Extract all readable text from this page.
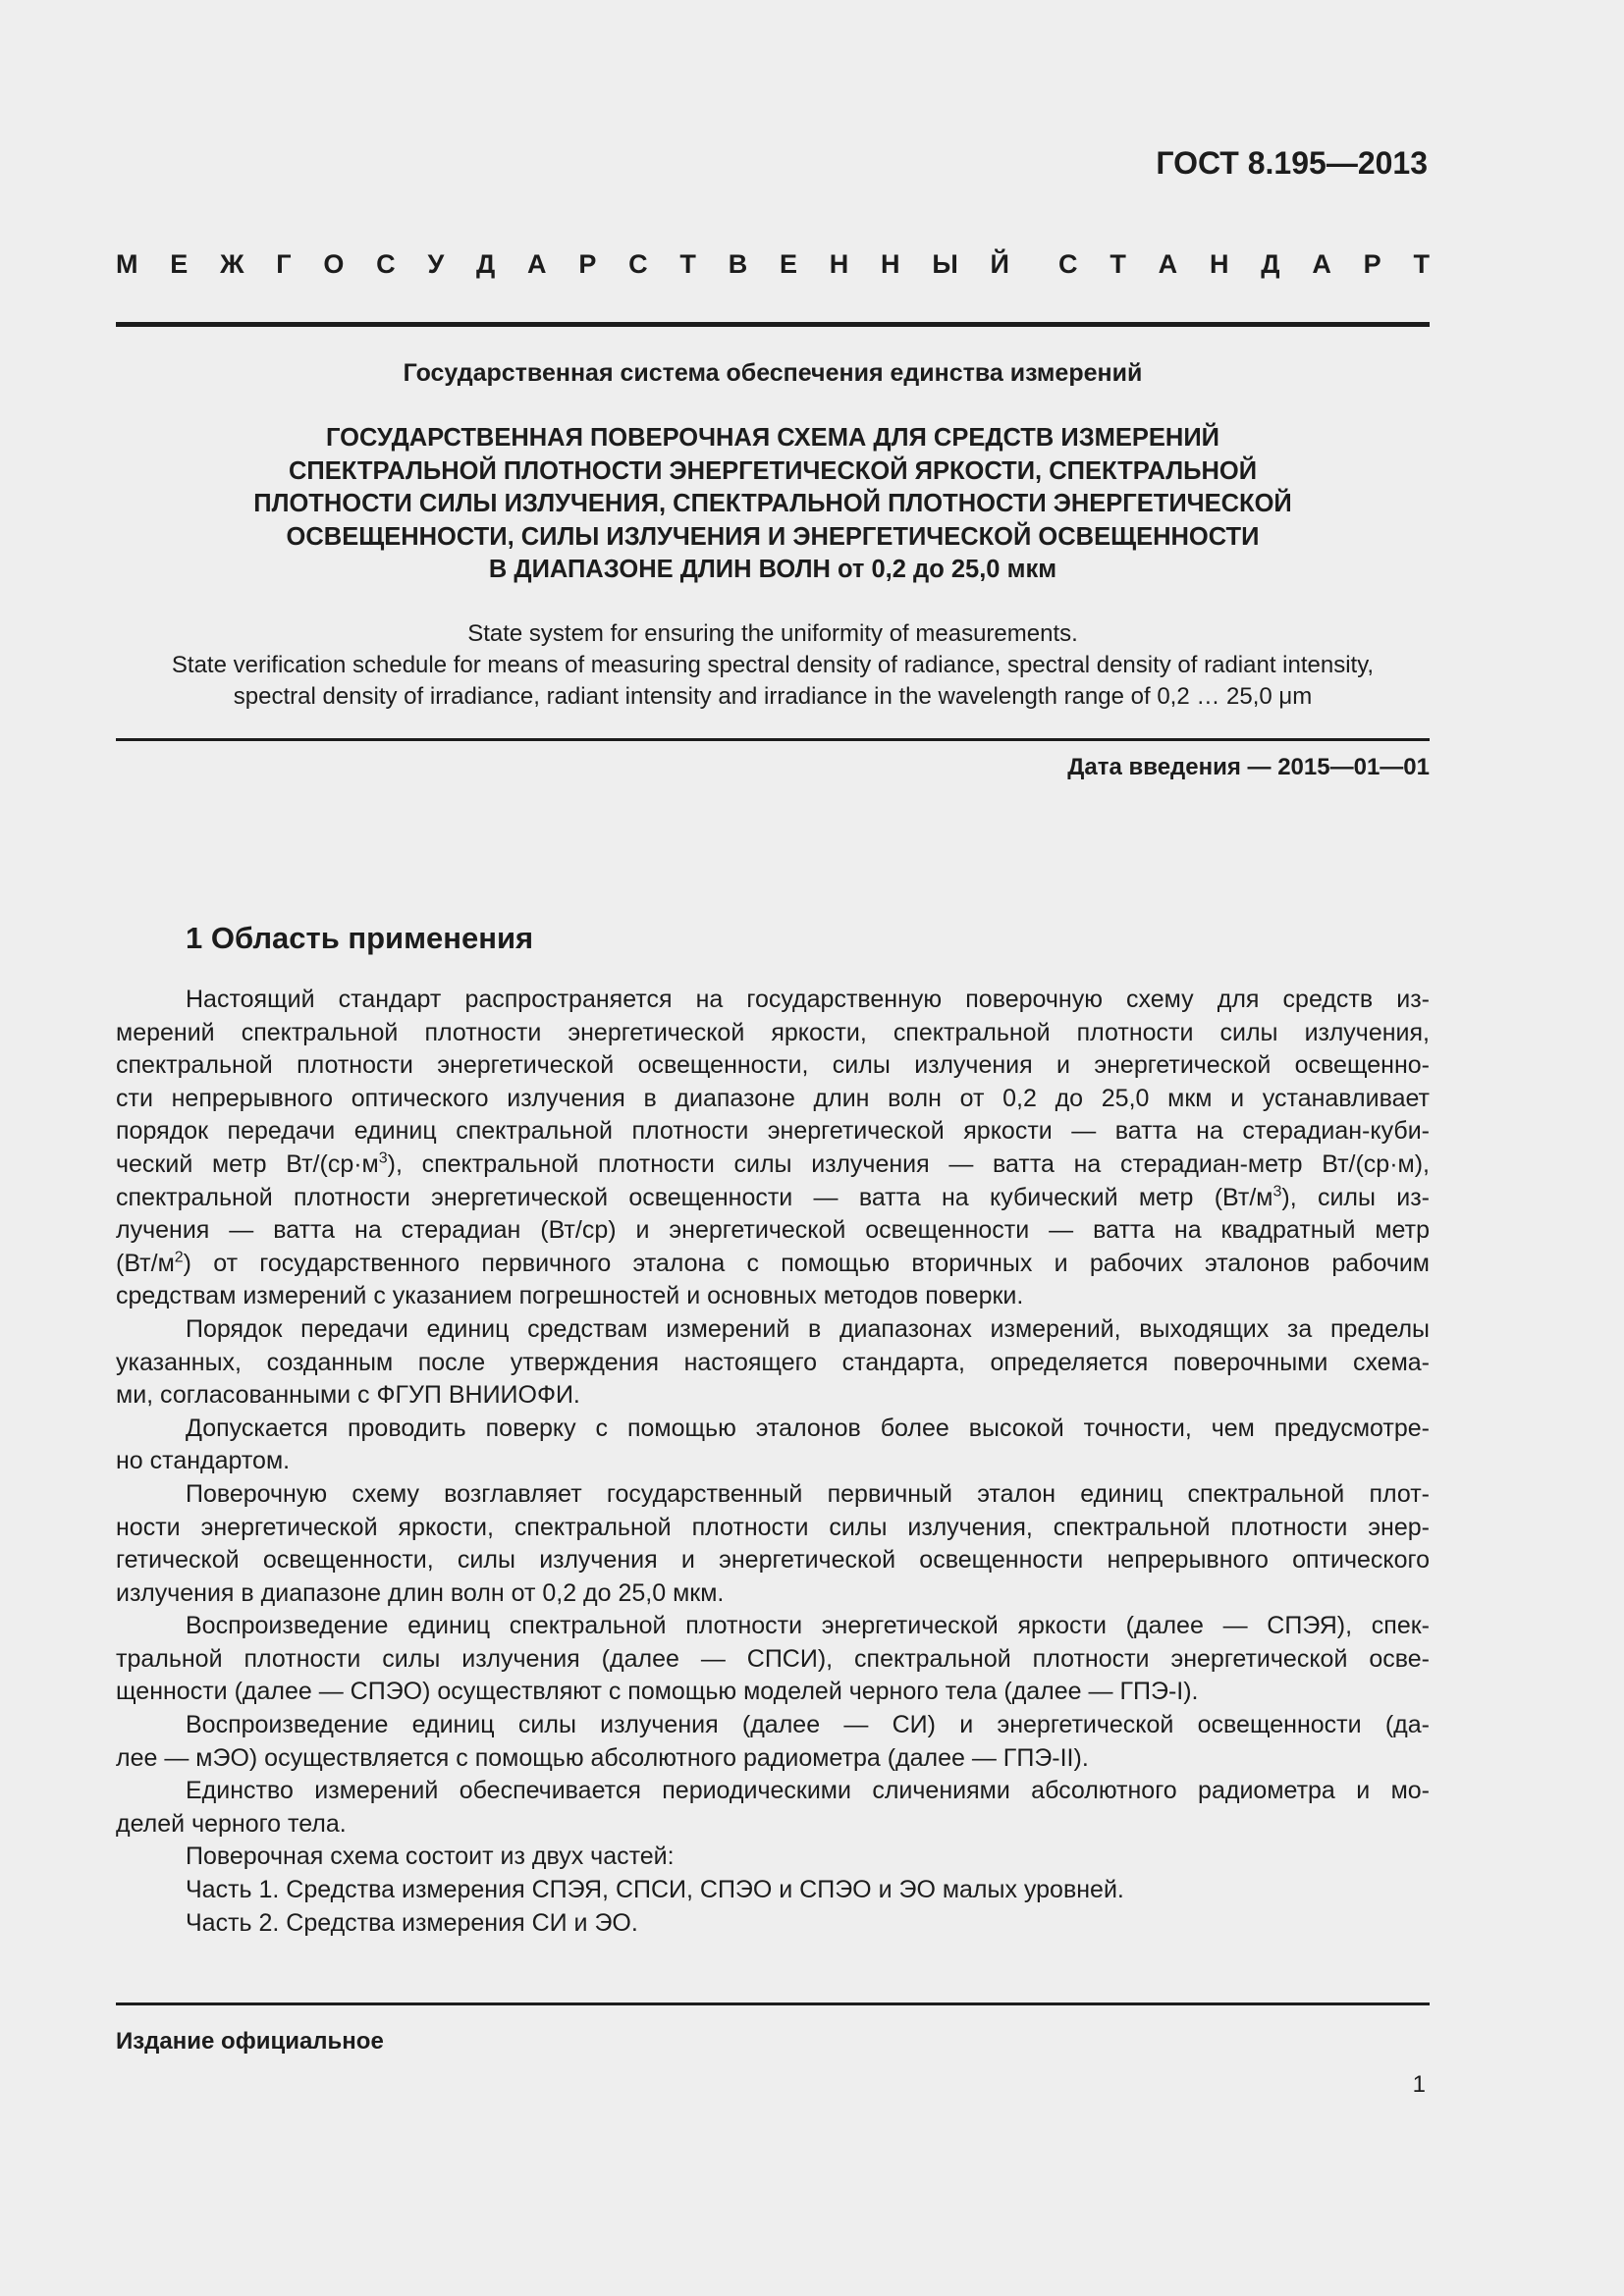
ГОСТ 8.195—2013
М Е Ж Г О С У Д А Р С Т В Е Н Н Ы Й С Т А Н Д А Р Т
Государственная система обеспечения единства измерений
ГОСУДАРСТВЕННАЯ ПОВЕРОЧНАЯ СХЕМА ДЛЯ СРЕДСТВ ИЗМЕРЕНИЙ
СПЕКТРАЛЬНОЙ ПЛОТНОСТИ ЭНЕРГЕТИЧЕСКОЙ ЯРКОСТИ, СПЕКТРАЛЬНОЙ
ПЛОТНОСТИ СИЛЫ ИЗЛУЧЕНИЯ, СПЕКТРАЛЬНОЙ ПЛОТНОСТИ ЭНЕРГЕТИЧЕСКОЙ
ОСВЕЩЕННОСТИ, СИЛЫ ИЗЛУЧЕНИЯ И ЭНЕРГЕТИЧЕСКОЙ ОСВЕЩЕННОСТИ
В ДИАПАЗОНЕ ДЛИН ВОЛН от 0,2 до 25,0 мкм
State system for ensuring the uniformity of measurements.
State verification schedule for means of measuring spectral density of radiance, spectral density of radiant intensity,
spectral density of irradiance, radiant intensity and irradiance in the wavelength range of 0,2 … 25,0 μm
Дата введения — 2015—01—01
1 Область применения
Настоящий стандарт распространяется на государственную поверочную схему для средств из-
мерений спектральной плотности энергетической яркости, спектральной плотности силы излучения,
спектральной плотности энергетической освещенности, силы излучения и энергетической освещенно-
сти непрерывного оптического излучения в диапазоне длин волн от 0,2 до 25,0 мкм и устанавливает
порядок передачи единиц спектральной плотности энергетической яркости — ватта на стерадиан-куби-
ческий метр $Вт/(ср\cdot м^3)$, спектральной плотности силы излучения — ватта на стерадиан-метр Вт/(ср·м),
спектральной плотности энергетической освещенности — ватта на кубический метр $(Вт/м^3)$, силы из-
лучения — ватта на стерадиан (Вт/ср) и энергетической освещенности — ватта на квадратный метр
$(Вт/м^2)$ от государственного первичного эталона с помощью вторичных и рабочих эталонов рабочим
средствам измерений с указанием погрешностей и основных методов поверки.
Порядок передачи единиц средствам измерений в диапазонах измерений, выходящих за пределы
указанных, созданным после утверждения настоящего стандарта, определяется поверочными схема-
ми, согласованными с ФГУП ВНИИОФИ.
Допускается проводить поверку с помощью эталонов более высокой точности, чем предусмотре-
но стандартом.
Поверочную схему возглавляет государственный первичный эталон единиц спектральной плот-
ности энергетической яркости, спектральной плотности силы излучения, спектральной плотности энер-
гетической освещенности, силы излучения и энергетической освещенности непрерывного оптического
излучения в диапазоне длин волн от 0,2 до 25,0 мкм.
Воспроизведение единиц спектральной плотности энергетической яркости (далее — СПЭЯ), спек-
тральной плотности силы излучения (далее — СПСИ), спектральной плотности энергетической осве-
щенности (далее — СПЭО) осуществляют с помощью моделей черного тела (далее — ГПЭ-I).
Воспроизведение единиц силы излучения (далее — СИ) и энергетической освещенности (да-
лее — мЭО) осуществляется с помощью абсолютного радиометра (далее — ГПЭ-II).
Единство измерений обеспечивается периодическими сличениями абсолютного радиометра и мо-
делей черного тела.
Поверочная схема состоит из двух частей:
Часть 1. Средства измерения СПЭЯ, СПСИ, СПЭО и СПЭО и ЭО малых уровней.
Часть 2. Средства измерения СИ и ЭО.
Издание официальное
1
